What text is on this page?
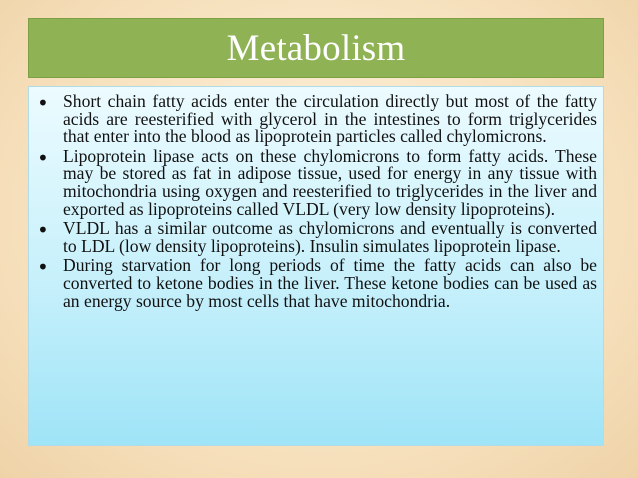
Metabolism
• Short chain fatty acids enter the circulation directly but most of the fatty acids are reesterified with glycerol in the intestines to form triglycerides that enter into the blood as lipoprotein particles called chylomicrons.
• Lipoprotein lipase acts on these chylomicrons to form fatty acids. These may be stored as fat in adipose tissue, used for energy in any tissue with mitochondria using oxygen and reesterified to triglycerides in the liver and exported as lipoproteins called VLDL (very low density lipoproteins).
• VLDL has a similar outcome as chylomicrons and eventually is converted to LDL (low density lipoproteins). Insulin simulates lipoprotein lipase.
• During starvation for long periods of time the fatty acids can also be converted to ketone bodies in the liver. These ketone bodies can be used as an energy source by most cells that have mitochondria.
